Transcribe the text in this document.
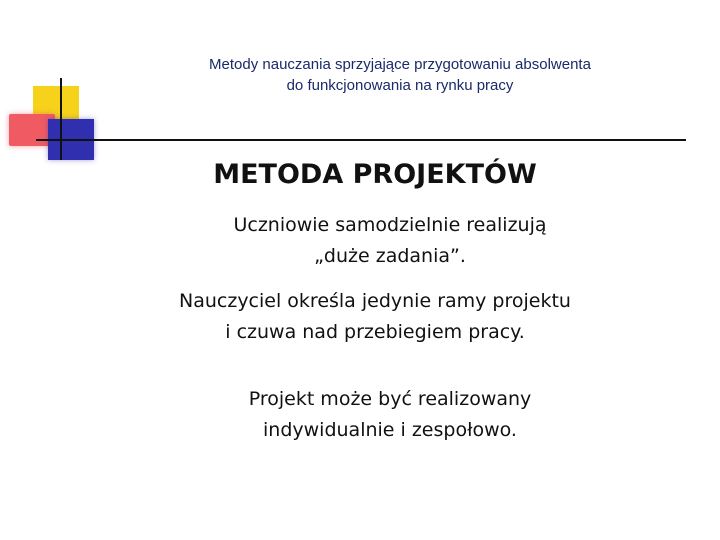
Metody nauczania sprzyjające przygotowaniu absolwenta
do funkcjonowania na rynku pracy
METODA PROJEKTÓW
Uczniowie samodzielnie realizują
„duże zadania”.
Nauczyciel określa jedynie ramy projektu
i czuwa nad przebiegiem pracy.
Projekt może być realizowany
indywidualnie i zespołowo.
